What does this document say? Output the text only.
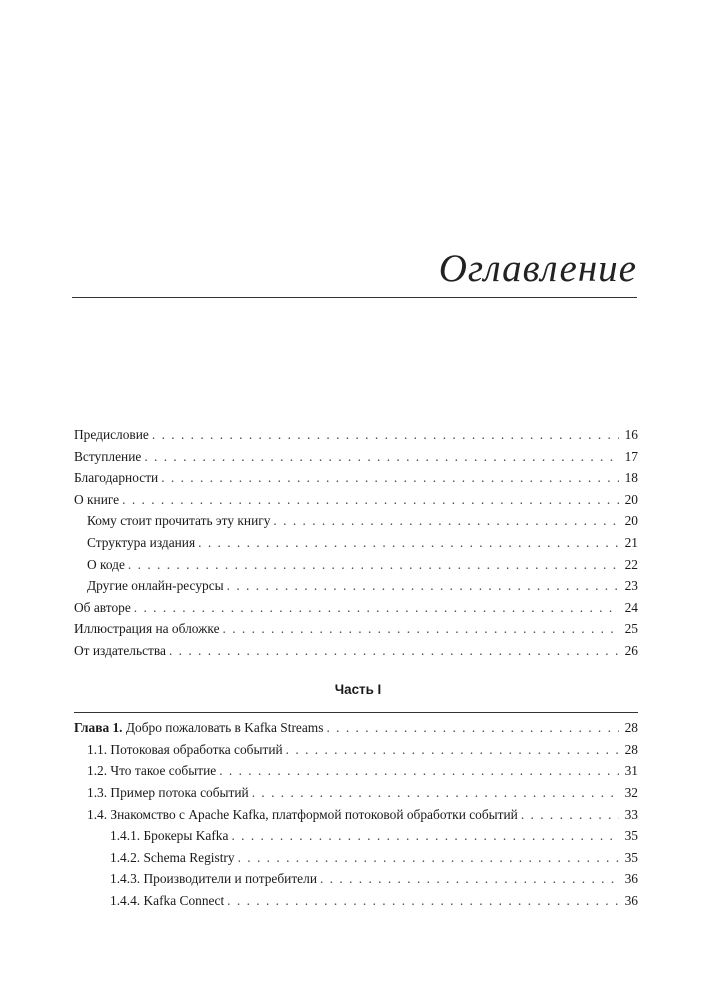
Оглавление
Предисловие . . .	16
Вступление . . .	17
Благодарности . . .	18
О книге . . .	20
Кому стоит прочитать эту книгу . . .	20
Структура издания . . .	21
О коде . . .	22
Другие онлайн-ресурсы . . .	23
Об авторе . . .	24
Иллюстрация на обложке . . .	25
От издательства . . .	26
Часть I
Глава 1. Добро пожаловать в Kafka Streams . . .	28
1.1. Потоковая обработка событий . . .	28
1.2. Что такое событие . . .	31
1.3. Пример потока событий . . .	32
1.4. Знакомство с Apache Kafka, платформой потоковой обработки событий . . .	33
1.4.1. Брокеры Kafka . . .	35
1.4.2. Schema Registry . . .	35
1.4.3. Производители и потребители . . .	36
1.4.4. Kafka Connect . . .	36
